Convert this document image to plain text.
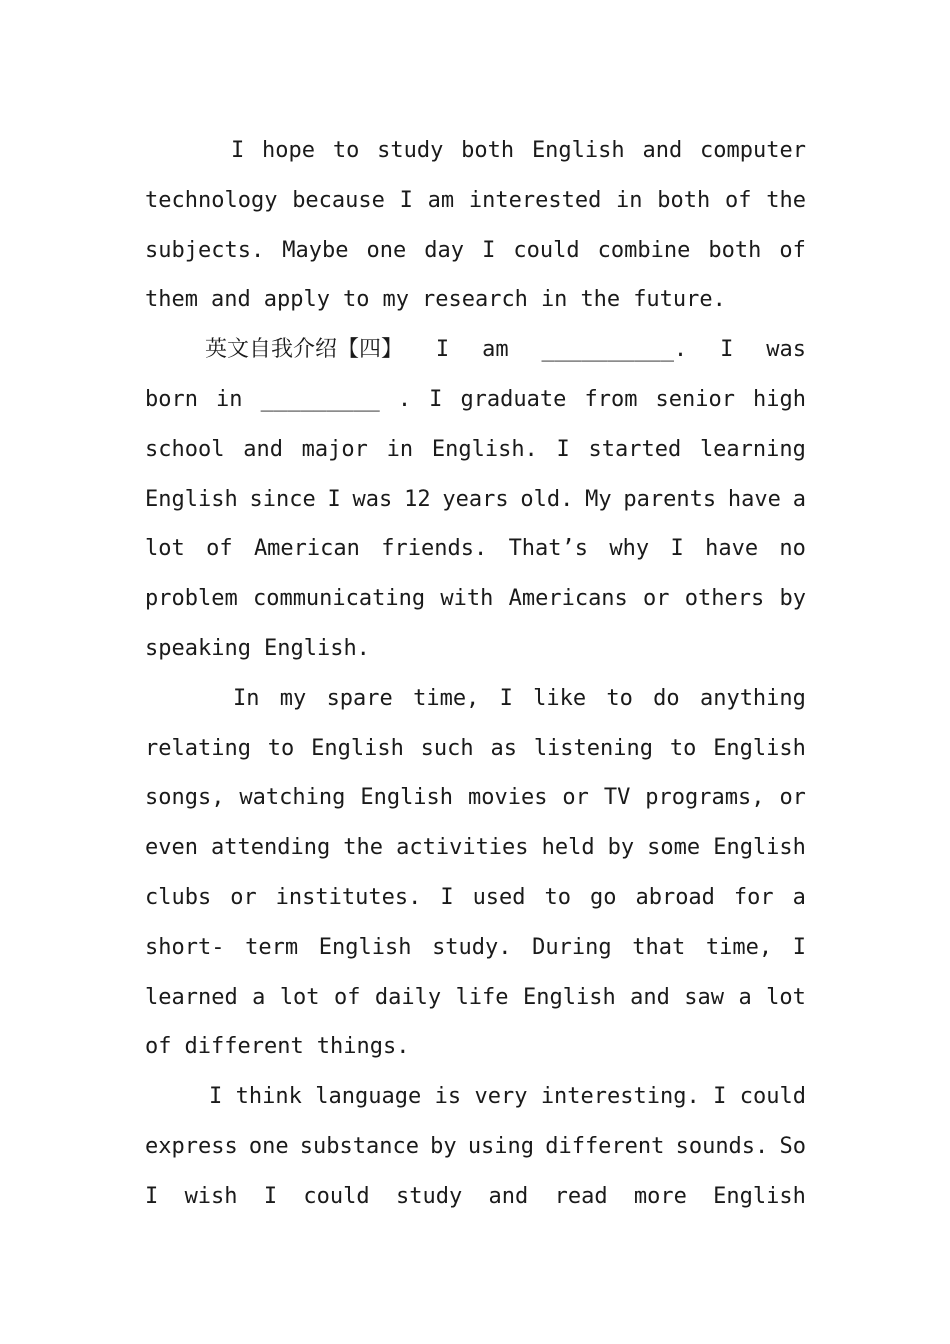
I hope to study both English and computer
technology because I am interested in both of the
subjects. Maybe one day I could combine both of
them and apply to my research in the future.
英文自我介绍【四】 I am __________. I was
born in _________ . I graduate from senior high
school and major in English. I started learning
English since I was 12 years old. My parents have a
lot of American friends. That’s why I have no
problem communicating with Americans or others by
speaking English.
In my spare time, I like to do anything
relating to English such as listening to English
songs, watching English movies or TV programs, or
even attending the activities held by some English
clubs or institutes. I used to go abroad for a
short- term English study. During that time, I
learned a lot of daily life English and saw a lot
of different things.
I think language is very interesting. I could
express one substance by using different sounds. So
I wish I could study and read more English
